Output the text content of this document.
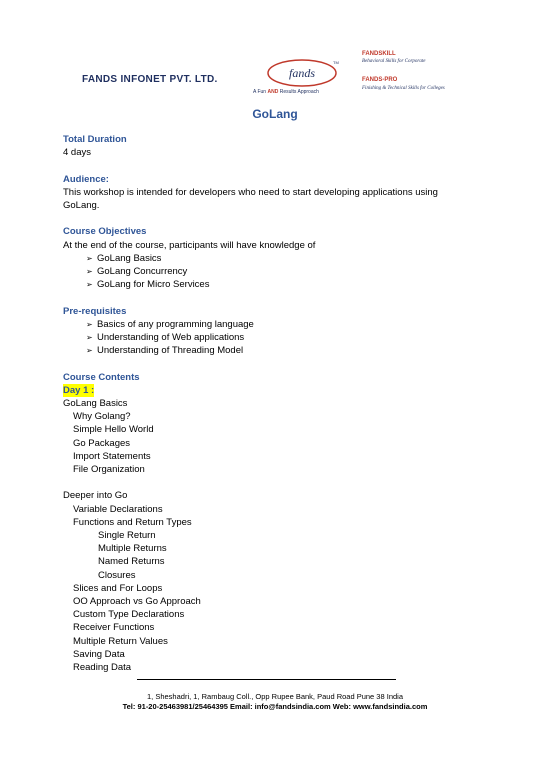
FANDS INFONET PVT. LTD.	fands
TM
A Fun AND Results Approach
FANDSKILL
Behavioral Skills for Corporate
FANDS-PRO
Finishing & Technical Skills for Colleges
GoLang
Total Duration
4 days
Audience:
This workshop is intended for developers who need to start developing applications using
GoLang.
Course Objectives
At the end of the course, participants will have knowledge of
➢ GoLang Basics
➢ GoLang Concurrency
➢ GoLang for Micro Services
Pre-requisites
➢ Basics of any programming language
➢ Understanding of Web applications
➢ Understanding of Threading Model
Course Contents
Day 1 :
GoLang Basics
Why Golang?
Simple Hello World
Go Packages
Import Statements
File Organization
Deeper into Go
Variable Declarations
Functions and Return Types
Single Return
Multiple Returns
Named Returns
Closures
Slices and For Loops
OO Approach vs Go Approach
Custom Type Declarations
Receiver Functions
Multiple Return Values
Saving Data
Reading Data
1, Sheshadri, 1, Rambaug Coll., Opp Rupee Bank, Paud Road Pune 38 India
Tel: 91-20-25463981/25464395 Email: info@fandsindia.com Web: www.fandsindia.com
